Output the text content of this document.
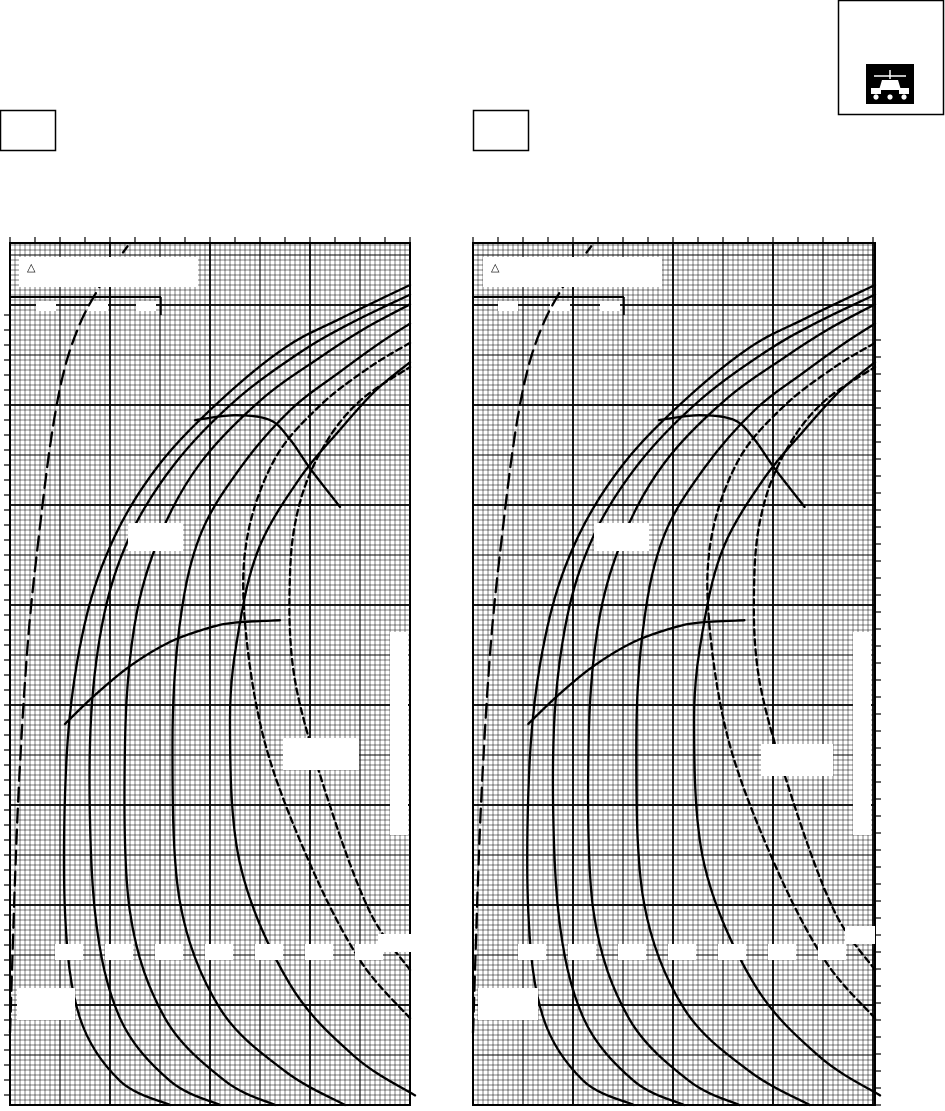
△	△
